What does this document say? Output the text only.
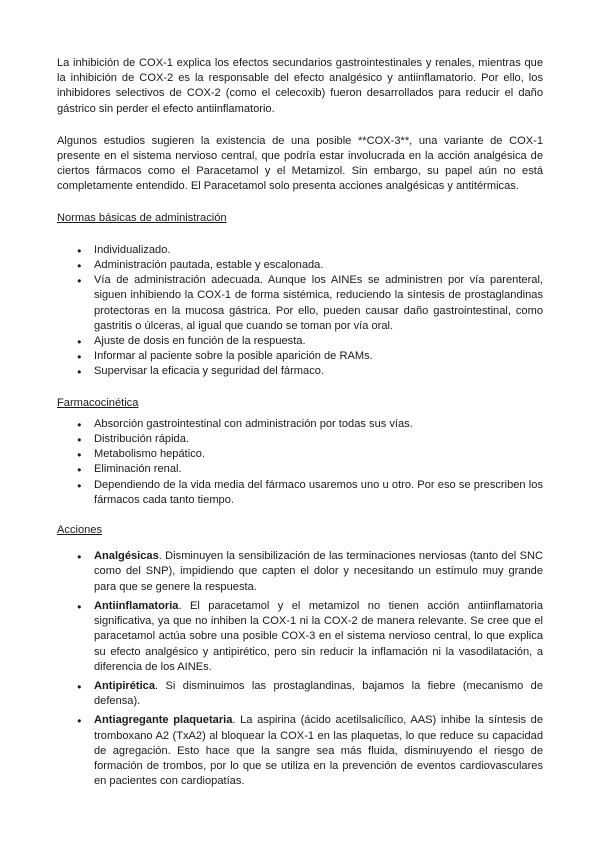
La inhibición de COX-1 explica los efectos secundarios gastrointestinales y renales, mientras que la inhibición de COX-2 es la responsable del efecto analgésico y antiinflamatorio. Por ello, los inhibidores selectivos de COX-2 (como el celecoxib) fueron desarrollados para reducir el daño gástrico sin perder el efecto antiinflamatorio.

Algunos estudios sugieren la existencia de una posible **COX-3**, una variante de COX-1 presente en el sistema nervioso central, que podría estar involucrada en la acción analgésica de ciertos fármacos como el Paracetamol y el Metamizol. Sin embargo, su papel aún no está completamente entendido. El Paracetamol solo presenta acciones analgésicas y antitérmicas.

Normas básicas de administración
● Individualizado.
● Administración pautada, estable y escalonada.
● Vía de administración adecuada. Aunque los AINEs se administren por vía parenteral, siguen inhibiendo la COX-1 de forma sistémica, reduciendo la síntesis de prostaglandinas protectoras en la mucosa gástrica. Por ello, pueden causar daño gastrointestinal, como gastritis o úlceras, al igual que cuando se toman por vía oral.
● Ajuste de dosis en función de la respuesta.
● Informar al paciente sobre la posible aparición de RAMs.
● Supervisar la eficacia y seguridad del fármaco.
Farmacocinética
● Absorción gastrointestinal con administración por todas sus vías.
● Distribución rápida.
● Metabolismo hepático.
● Eliminación renal.
● Dependiendo de la vida media del fármaco usaremos uno u otro. Por eso se prescriben los fármacos cada tanto tiempo.
Acciones
● Analgésicas. Disminuyen la sensibilización de las terminaciones nerviosas (tanto del SNC como del SNP), impidiendo que capten el dolor y necesitando un estímulo muy grande para que se genere la respuesta.
● Antiinflamatoria. El paracetamol y el metamizol no tienen acción antiinflamatoria significativa, ya que no inhiben la COX-1 ni la COX-2 de manera relevante. Se cree que el paracetamol actúa sobre una posible COX-3 en el sistema nervioso central, lo que explica su efecto analgésico y antipirético, pero sin reducir la inflamación ni la vasodilatación, a diferencia de los AINEs.
● Antipirética. Si disminuimos las prostaglandinas, bajamos la fiebre (mecanismo de defensa).
● Antiagregante plaquetaria. La aspirina (ácido acetilsalicílico, AAS) inhibe la síntesis de tromboxano A2 (TxA2) al bloquear la COX-1 en las plaquetas, lo que reduce su capacidad de agregación. Esto hace que la sangre sea más fluida, disminuyendo el riesgo de formación de trombos, por lo que se utiliza en la prevención de eventos cardiovasculares en pacientes con cardiopatías.
